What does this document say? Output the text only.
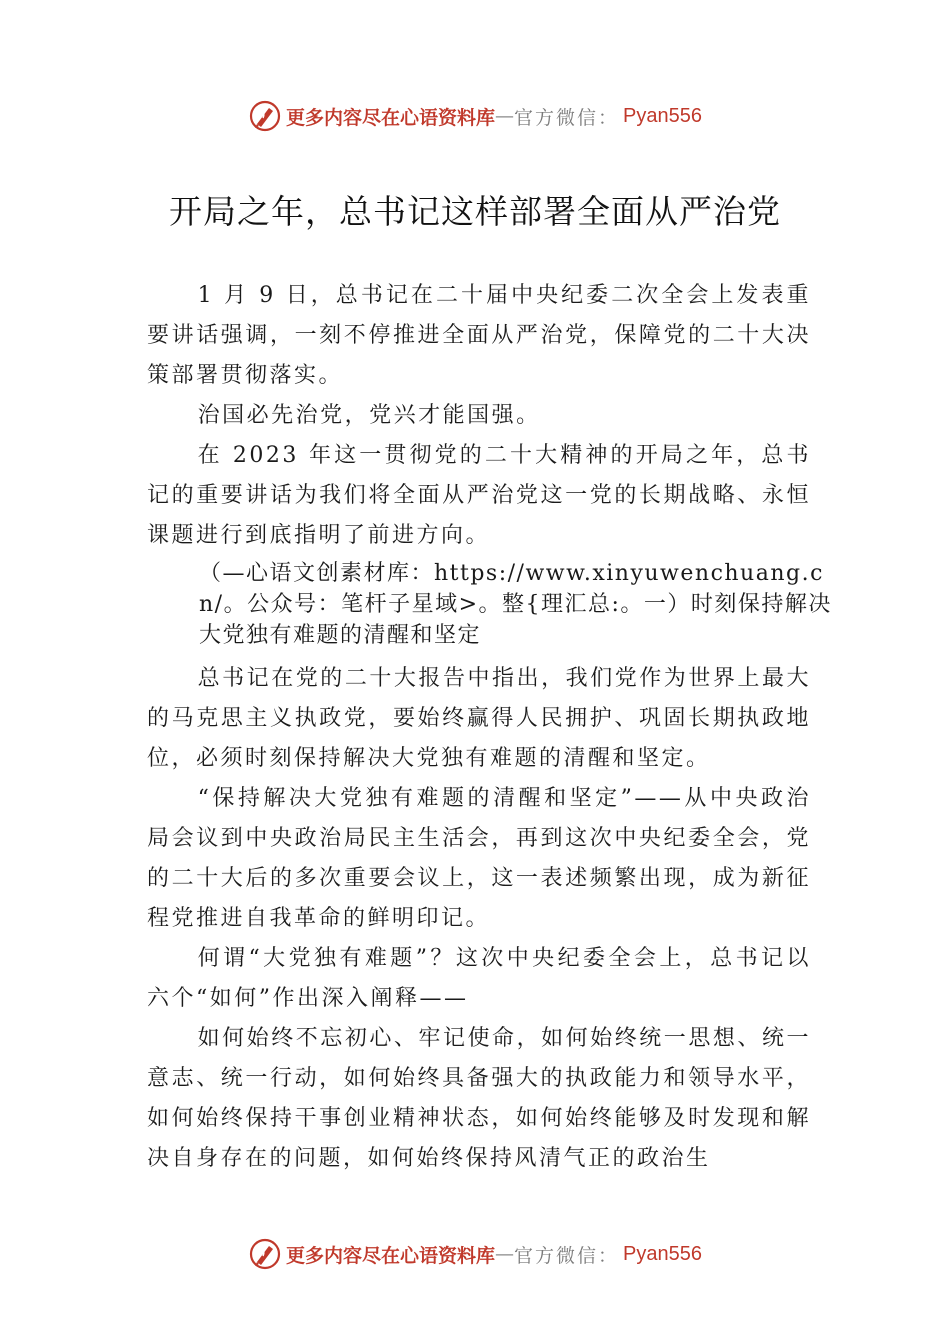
更多内容尽在心语资料库 — 官方微信： Pyan556
开局之年，总书记这样部署全面从严治党

1 月 9 日，总书记在二十届中央纪委二次全会上发表重要讲话强调，一刻不停推进全面从严治党，保障党的二十大决策部署贯彻落实。

治国必先治党，党兴才能国强。

在 2023 年这一贯彻党的二十大精神的开局之年，总书记的重要讲话为我们将全面从严治党这一党的长期战略、永恒课题进行到底指明了前进方向。

（—心语文创素材库：https://www.xinyuwenchuang.cn/。公众号：笔杆子星域>。整{理汇总:。一）时刻保持解决大党独有难题的清醒和坚定

总书记在党的二十大报告中指出，我们党作为世界上最大的马克思主义执政党，要始终赢得人民拥护、巩固长期执政地位，必须时刻保持解决大党独有难题的清醒和坚定。

“保持解决大党独有难题的清醒和坚定”——从中央政治局会议到中央政治局民主生活会，再到这次中央纪委全会，党的二十大后的多次重要会议上，这一表述频繁出现，成为新征程党推进自我革命的鲜明印记。

何谓“大党独有难题”？这次中央纪委全会上，总书记以六个“如何”作出深入阐释——

如何始终不忘初心、牢记使命，如何始终统一思想、统一意志、统一行动，如何始终具备强大的执政能力和领导水平，如何始终保持干事创业精神状态，如何始终能够及时发现和解决自身存在的问题，如何始终保持风清气正的政治生

更多内容尽在心语资料库 — 官方微信： Pyan556
